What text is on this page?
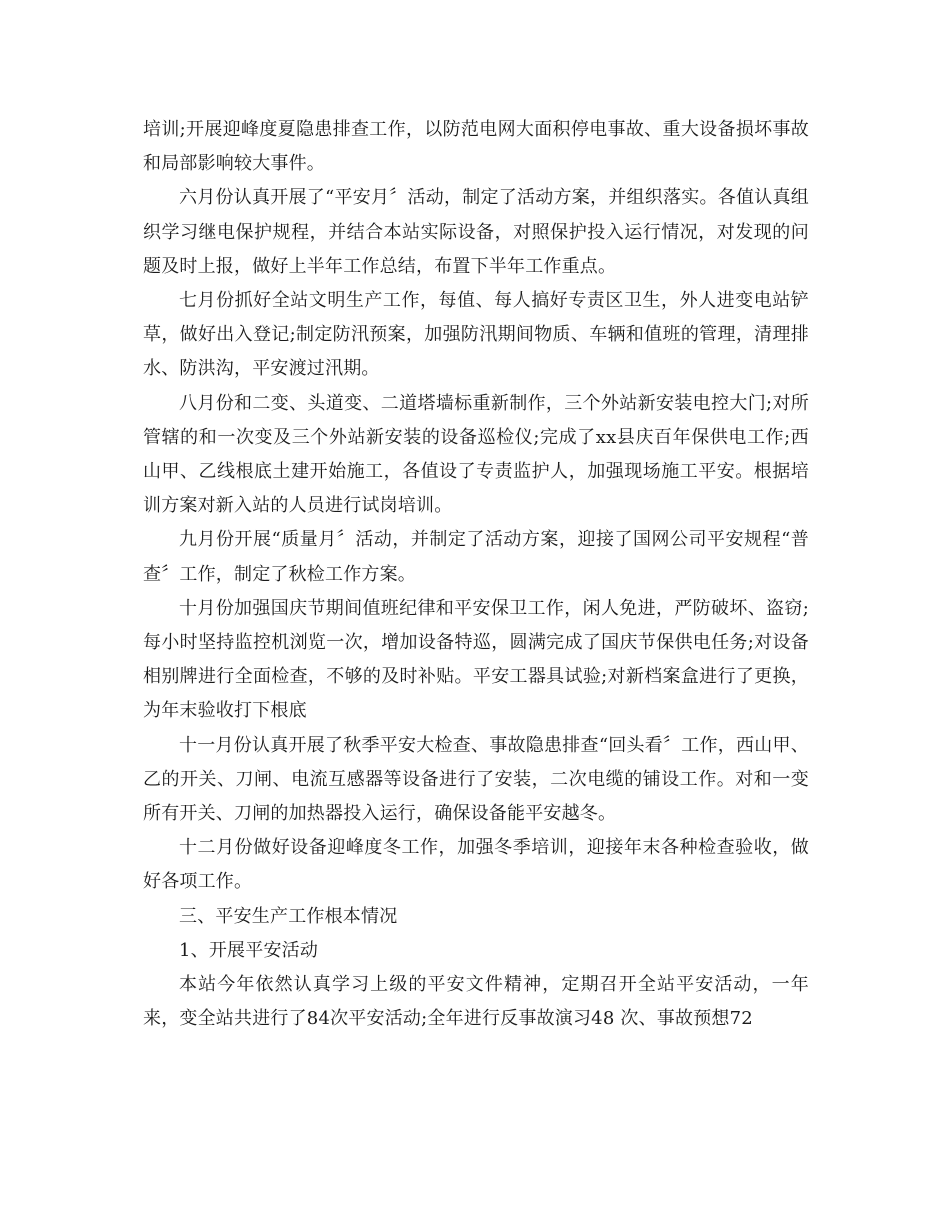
培训;开展迎峰度夏隐患排查工作，以防范电网大面积停电事故、重大设备损坏事故和局部影响较大事件。

六月份认真开展了“平安月〞活动，制定了活动方案，并组织落实。各值认真组织学习继电保护规程，并结合本站实际设备，对照保护投入运行情况，对发现的问题及时上报，做好上半年工作总结，布置下半年工作重点。

七月份抓好全站文明生产工作，每值、每人搞好专责区卫生，外人进变电站铲草，做好出入登记;制定防汛预案，加强防汛期间物质、车辆和值班的管理，清理排水、防洪沟，平安渡过汛期。

八月份和二变、头道变、二道塔墙标重新制作，三个外站新安装电控大门;对所管辖的和一次变及三个外站新安装的设备巡检仪;完成了xx县庆百年保供电工作;西山甲、乙线根底土建开始施工，各值设了专责监护人，加强现场施工平安。根据培训方案对新入站的人员进行试岗培训。

九月份开展“质量月〞活动，并制定了活动方案，迎接了国网公司平安规程“普查〞工作，制定了秋检工作方案。

十月份加强国庆节期间值班纪律和平安保卫工作，闲人免进，严防破坏、盗窃;每小时坚持监控机浏览一次，增加设备特巡，圆满完成了国庆节保供电任务;对设备相别牌进行全面检查，不够的及时补贴。平安工器具试验;对新档案盒进行了更换，为年末验收打下根底

十一月份认真开展了秋季平安大检查、事故隐患排查“回头看〞工作，西山甲、乙的开关、刀闸、电流互感器等设备进行了安装，二次电缆的铺设工作。对和一变所有开关、刀闸的加热器投入运行，确保设备能平安越冬。

十二月份做好设备迎峰度冬工作，加强冬季培训，迎接年末各种检查验收，做好各项工作。

三、平安生产工作根本情况

1、开展平安活动

本站今年依然认真学习上级的平安文件精神，定期召开全站平安活动，一年来，变全站共进行了84次平安活动;全年进行反事故演习48 次、事故预想72
